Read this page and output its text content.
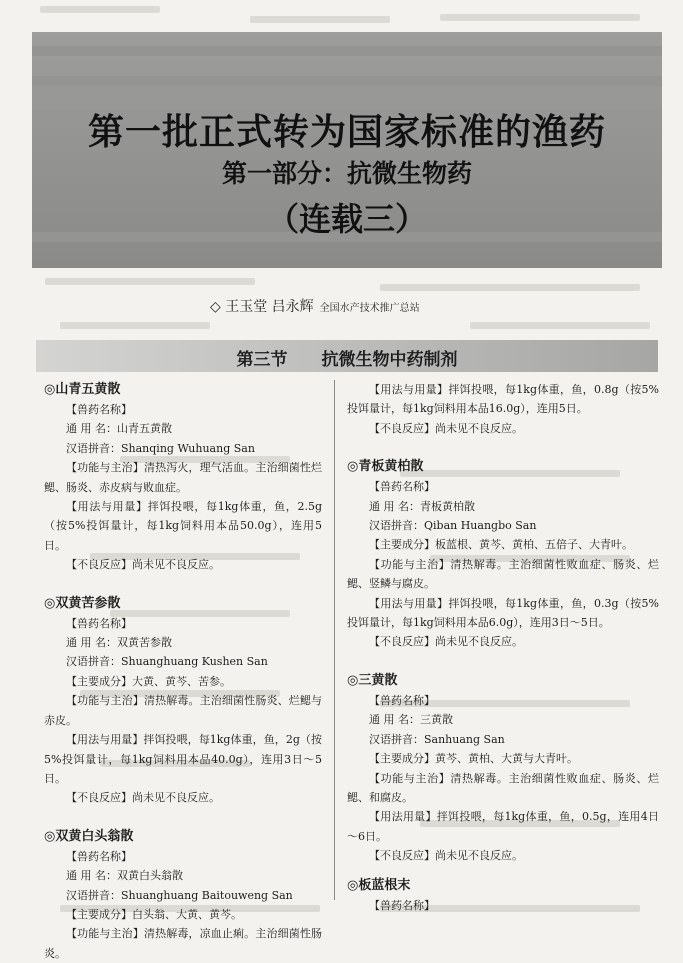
第一批正式转为国家标准的渔药
第一部分：抗微生物药
（连载三）
◇ 王玉堂 吕永辉 全国水产技术推广总站
第三节　　抗微生物中药制剂
◎山青五黄散
【兽药名称】
通 用 名：山青五黄散
汉语拼音：Shanqing Wuhuang San
【功能与主治】清热泻火，理气活血。主治细菌性烂鳃、肠炎、赤皮病与败血症。
【用法与用量】拌饵投喂，每1kg体重，鱼，2.5g（按5%投饵量计，每1kg饲料用本品50.0g），连用5日。
【不良反应】尚未见不良反应。
◎双黄苦参散
【兽药名称】
通 用 名：双黄苦参散
汉语拼音：Shuanghuang Kushen San
【主要成分】大黄、黄芩、苦参。
【功能与主治】清热解毒。主治细菌性肠炎、烂鳃与赤皮。
【用法与用量】拌饵投喂，每1kg体重，鱼，2g（按5%投饵量计，每1kg饲料用本品40.0g），连用3日～5日。
【不良反应】尚未见不良反应。
◎双黄白头翁散
【兽药名称】
通 用 名：双黄白头翁散
汉语拼音：Shuanghuang Baitouweng San
【主要成分】白头翁、大黄、黄芩。
【功能与主治】清热解毒，凉血止痢。主治细菌性肠炎。
【用法与用量】拌饵投喂，每1kg体重，鱼，0.8g（按5%投饵量计，每1kg饲料用本品16.0g），连用5日。
【不良反应】尚未见不良反应。
◎青板黄柏散
【兽药名称】
通 用 名：青板黄柏散
汉语拼音：Qiban Huangbo San
【主要成分】板蓝根、黄芩、黄柏、五倍子、大青叶。
【功能与主治】清热解毒。主治细菌性败血症、肠炎、烂鳃、竖鳞与腐皮。
【用法与用量】拌饵投喂，每1kg体重，鱼，0.3g（按5%投饵量计，每1kg饲料用本品6.0g），连用3日～5日。
【不良反应】尚未见不良反应。
◎三黄散
【兽药名称】
通 用 名：三黄散
汉语拼音：Sanhuang San
【主要成分】黄芩、黄柏、大黄与大青叶。
【功能与主治】清热解毒。主治细菌性败血症、肠炎、烂鳃、和腐皮。
【用法用量】拌饵投喂，每1kg体重，鱼，0.5g，连用4日～6日。
【不良反应】尚未见不良反应。
◎板蓝根末
【兽药名称】
